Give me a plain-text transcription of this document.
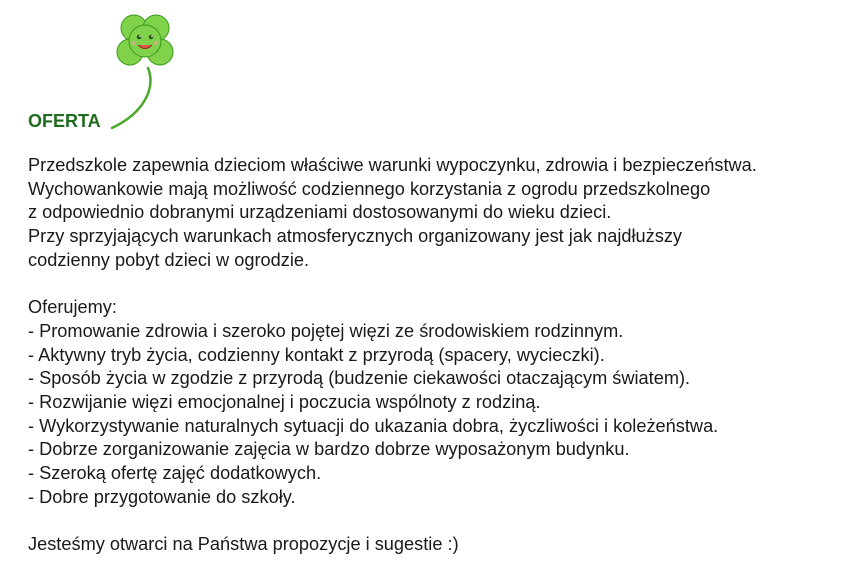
OFERTA

Przedszkole zapewnia dzieciom właściwe warunki wypoczynku, zdrowia i bezpieczeństwa.

Wychowankowie mają możliwość codziennego korzystania z ogrodu przedszkolnego

z odpowiednio dobranymi urządzeniami dostosowanymi do wieku dzieci.

Przy sprzyjających warunkach atmosferycznych organizowany jest jak najdłuższy

codzienny pobyt dzieci w ogrodzie.

Oferujemy:

- Promowanie zdrowia i szeroko pojętej więzi ze środowiskiem rodzinnym.
- Aktywny tryb życia, codzienny kontakt z przyrodą (spacery, wycieczki).
- Sposób życia w zgodzie z przyrodą (budzenie ciekawości otaczającym światem).
- Rozwijanie więzi emocjonalnej i poczucia wspólnoty z rodziną.
- Wykorzystywanie naturalnych sytuacji do ukazania dobra, życzliwości i koleżeństwa.
- Dobrze zorganizowanie zajęcia w bardzo dobrze wyposażonym budynku.
- Szeroką ofertę zajęć dodatkowych.
- Dobre przygotowanie do szkoły.

Jesteśmy otwarci na Państwa propozycje i sugestie :)
